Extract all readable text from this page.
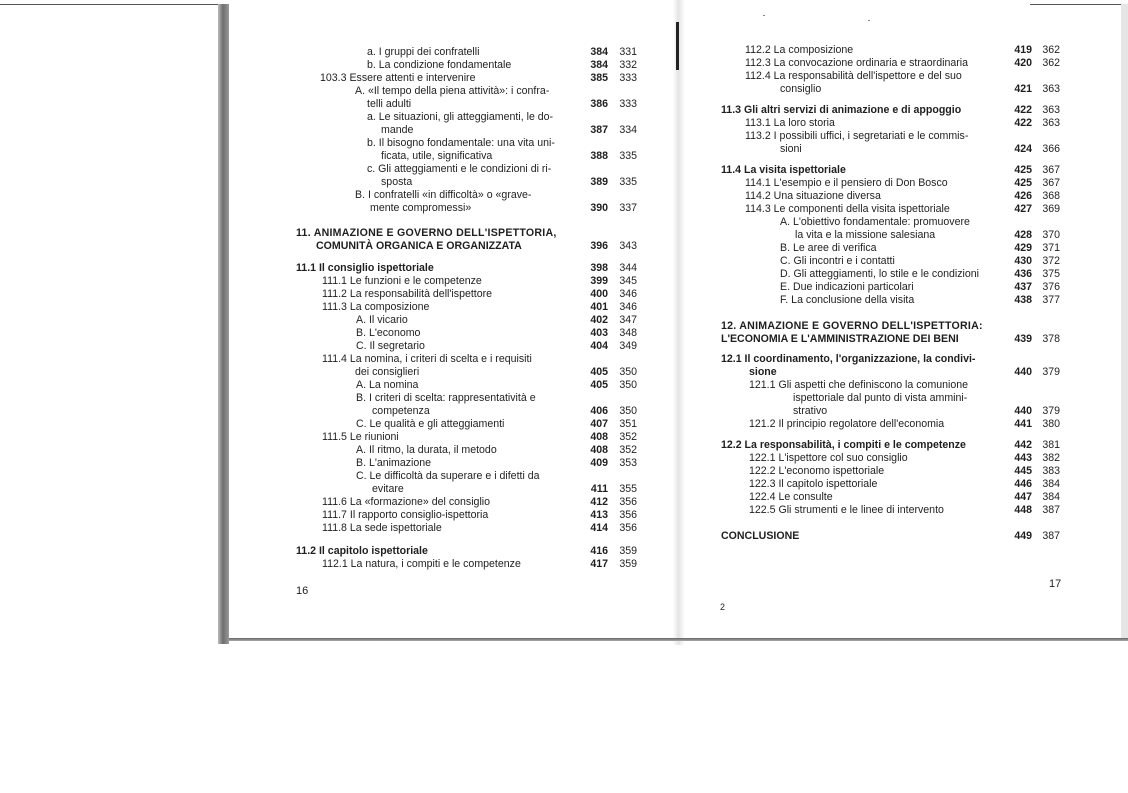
a. I gruppi dei confratelli	384	331
b. La condizione fondamentale	384	332
103.3 Essere attenti e intervenire	385	333
A. «Il tempo della piena attività»: i confra-
telli adulti	386	333
a. Le situazioni, gli atteggiamenti, le do-
mande	387	334
b. Il bisogno fondamentale: una vita uni-
ficata, utile, significativa	388	335
c. Gli atteggiamenti e le condizioni di ri-
sposta	389	335
B. I confratelli «in difficoltà» o «grave-
mente compromessi»	390	337
11. ANIMAZIONE E GOVERNO DELL'ISPETTORIA,
COMUNITÀ ORGANICA E ORGANIZZATA	396	343
11.1 Il consiglio ispettoriale	398	344
111.1 Le funzioni e le competenze	399	345
111.2 La responsabilità dell'ispettore	400	346
111.3 La composizione	401	346
A. Il vicario	402	347
B. L'economo	403	348
C. Il segretario	404	349
111.4 La nomina, i criteri di scelta e i requisiti
dei consiglieri	405	350
A. La nomina	405	350
B. I criteri di scelta: rappresentatività e
competenza	406	350
C. Le qualità e gli atteggiamenti	407	351
111.5 Le riunioni	408	352
A. Il ritmo, la durata, il metodo	408	352
B. L'animazione	409	353
C. Le difficoltà da superare e i difetti da
evitare	411	355
111.6 La «formazione» del consiglio	412	356
111.7 Il rapporto consiglio-ispettoria	413	356
111.8 La sede ispettoriale	414	356
11.2 Il capitolo ispettoriale	416	359
112.1 La natura, i compiti e le competenze	417	359
16
112.2 La composizione	419 362
112.3 La convocazione ordinaria e straordinaria	420 362
112.4 La responsabilità dell'ispettore e del suo
consiglio	421 363
11.3 Gli altri servizi di animazione e di appoggio	422 363
113.1 La loro storia	422 363
113.2 I possibili uffici, i segretariati e le commis-
sioni	424 366
11.4 La visita ispettoriale	425 367
114.1 L'esempio e il pensiero di Don Bosco	425 367
114.2 Una situazione diversa	426 368
114.3 Le componenti della visita ispettoriale	427 369
A. L'obiettivo fondamentale: promuovere
la vita e la missione salesiana	428 370
B. Le aree di verifica	429 371
C. Gli incontri e i contatti	430 372
D. Gli atteggiamenti, lo stile e le condizioni	436 375
E. Due indicazioni particolari	437 376
F. La conclusione della visita	438 377
12. ANIMAZIONE E GOVERNO DELL'ISPETTORIA:
L'ECONOMIA E L'AMMINISTRAZIONE DEI BENI	439 378
12.1 Il coordinamento, l'organizzazione, la condivi-
sione	440 379
121.1 Gli aspetti che definiscono la comunione
ispettoriale dal punto di vista ammini-
strativo	440 379
121.2 Il principio regolatore dell'economia	441 380
12.2 La responsabilità, i compiti e le competenze	442 381
122.1 L'ispettore col suo consiglio	443 382
122.2 L'economo ispettoriale	445 383
122.3 Il capitolo ispettoriale	446 384
122.4 Le consulte	447 384
122.5 Gli strumenti e le linee di intervento	448 387
CONCLUSIONE	449 387
17
2
